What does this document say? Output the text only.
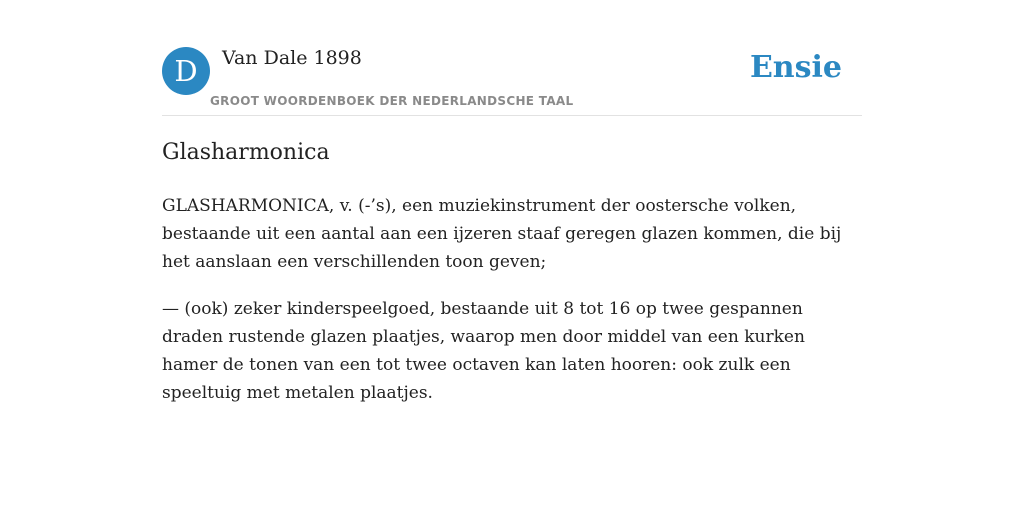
D	Van Dale 1898
GROOT WOORDENBOEK DER NEDERLANDSCHE TAAL
Ensie
Glasharmonica

GLASHARMONICA, v. (-’s), een muziekinstrument der oostersche volken, bestaande uit een aantal aan een ijzeren staaf geregen glazen kommen, die bij het aanslaan een verschillenden toon geven;

— (ook) zeker kinderspeelgoed, bestaande uit 8 tot 16 op twee gespannen draden rustende glazen plaatjes, waarop men door middel van een kurken hamer de tonen van een tot twee octaven kan laten hooren: ook zulk een speeltuig met metalen plaatjes.
